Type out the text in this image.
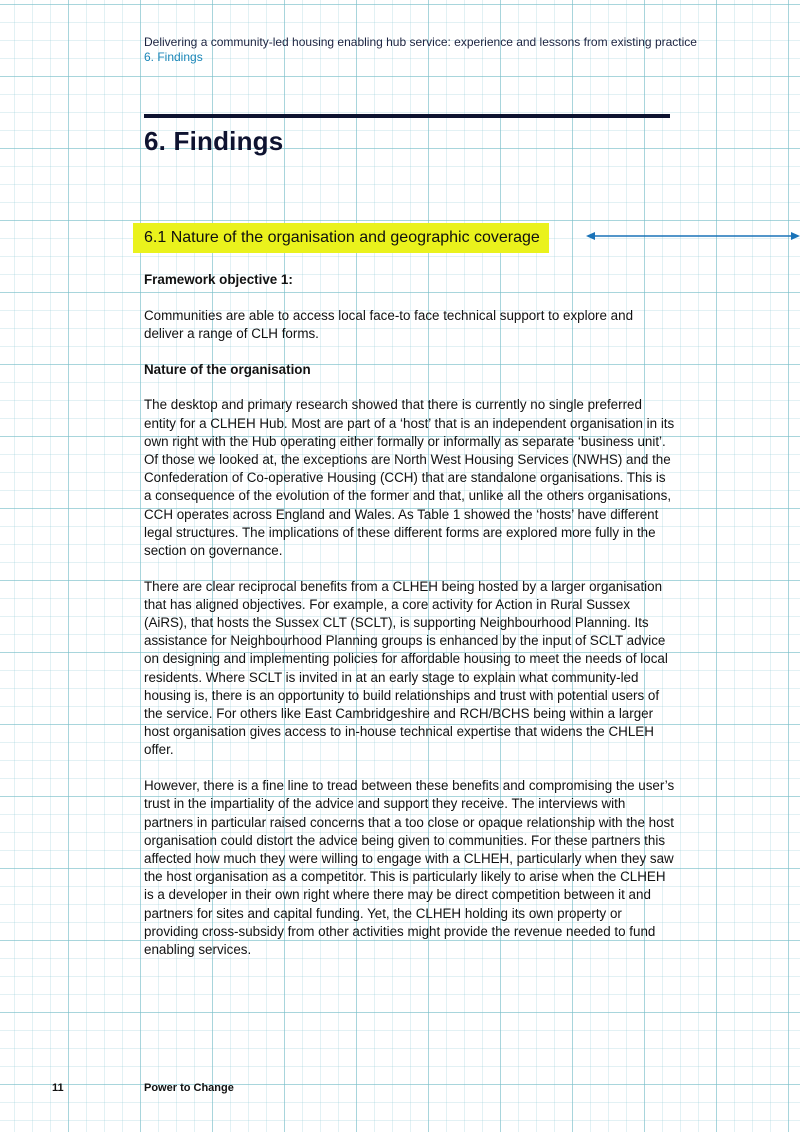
Delivering a community-led housing enabling hub service: experience and lessons from existing practice
6. Findings
6. Findings
6.1 Nature of the organisation and geographic coverage

Framework objective 1:

Communities are able to access local face-to face technical support to explore and deliver a range of CLH forms.

Nature of the organisation

The desktop and primary research showed that there is currently no single preferred entity for a CLHEH Hub. Most are part of a ‘host’ that is an independent organisation in its own right with the Hub operating either formally or informally as separate ‘business unit’. Of those we looked at, the exceptions are North West Housing Services (NWHS) and the Confederation of Co-operative Housing (CCH) that are standalone organisations. This is a consequence of the evolution of the former and that, unlike all the others organisations, CCH operates across England and Wales. As Table 1 showed the ‘hosts’ have different legal structures. The implications of these different forms are explored more fully in the section on governance.

There are clear reciprocal benefits from a CLHEH being hosted by a larger organisation that has aligned objectives. For example, a core activity for Action in Rural Sussex (AiRS), that hosts the Sussex CLT (SCLT), is supporting Neighbourhood Planning. Its assistance for Neighbourhood Planning groups is enhanced by the input of SCLT advice on designing and implementing policies for affordable housing to meet the needs of local residents. Where SCLT is invited in at an early stage to explain what community-led housing is, there is an opportunity to build relationships and trust with potential users of the service. For others like East Cambridgeshire and RCH/BCHS being within a larger host organisation gives access to in-house technical expertise that widens the CHLEH offer.

However, there is a fine line to tread between these benefits and compromising the user’s trust in the impartiality of the advice and support they receive. The interviews with partners in particular raised concerns that a too close or opaque relationship with the host organisation could distort the advice being given to communities. For these partners this affected how much they were willing to engage with a CLHEH, particularly when they saw the host organisation as a competitor. This is particularly likely to arise when the CLHEH is a developer in their own right where there may be direct competition between it and partners for sites and capital funding. Yet, the CLHEH holding its own property or providing cross-subsidy from other activities might provide the revenue needed to fund enabling services.

11	Power to Change
